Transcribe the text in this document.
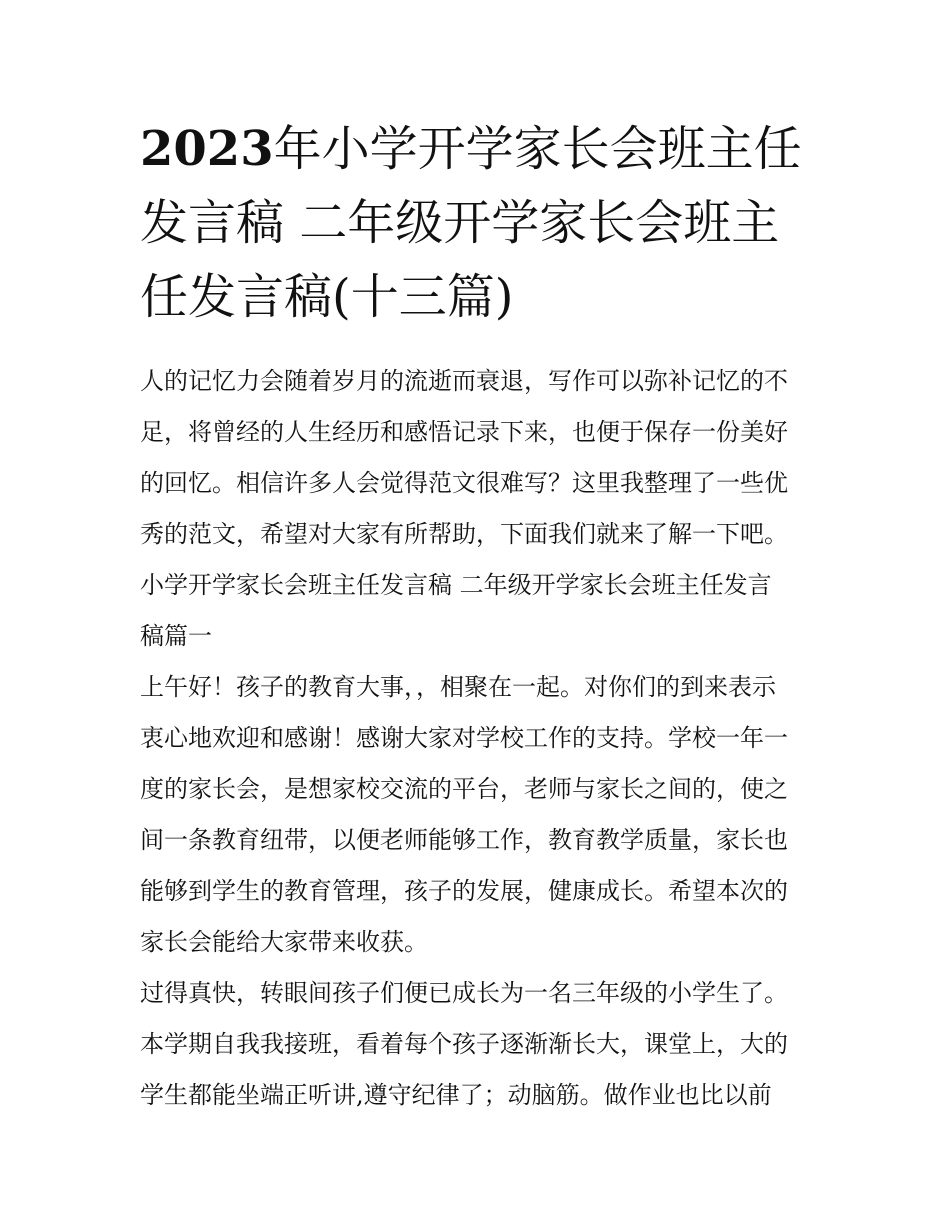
2023年小学开学家长会班主任
发言稿 二年级开学家长会班主
任发言稿(十三篇)

人的记忆力会随着岁月的流逝而衰退，写作可以弥补记忆的不
足，将曾经的人生经历和感悟记录下来，也便于保存一份美好
的回忆。相信许多人会觉得范文很难写？这里我整理了一些优
秀的范文，希望对大家有所帮助，下面我们就来了解一下吧。

小学开学家长会班主任发言稿 二年级开学家长会班主任发言
稿篇一

上午好！孩子的教育大事，，相聚在一起。对你们的到来表示
衷心地欢迎和感谢！感谢大家对学校工作的支持。学校一年一
度的家长会，是想家校交流的平台，老师与家长之间的，使之
间一条教育纽带，以便老师能够工作，教育教学质量，家长也
能够到学生的教育管理，孩子的发展，健康成长。希望本次的
家长会能给大家带来收获。

过得真快，转眼间孩子们便已成长为一名三年级的小学生了。
本学期自我我接班，看着每个孩子逐渐渐长大，课堂上，大的
学生都能坐端正听讲,遵守纪律了；动脑筋。做作业也比以前
